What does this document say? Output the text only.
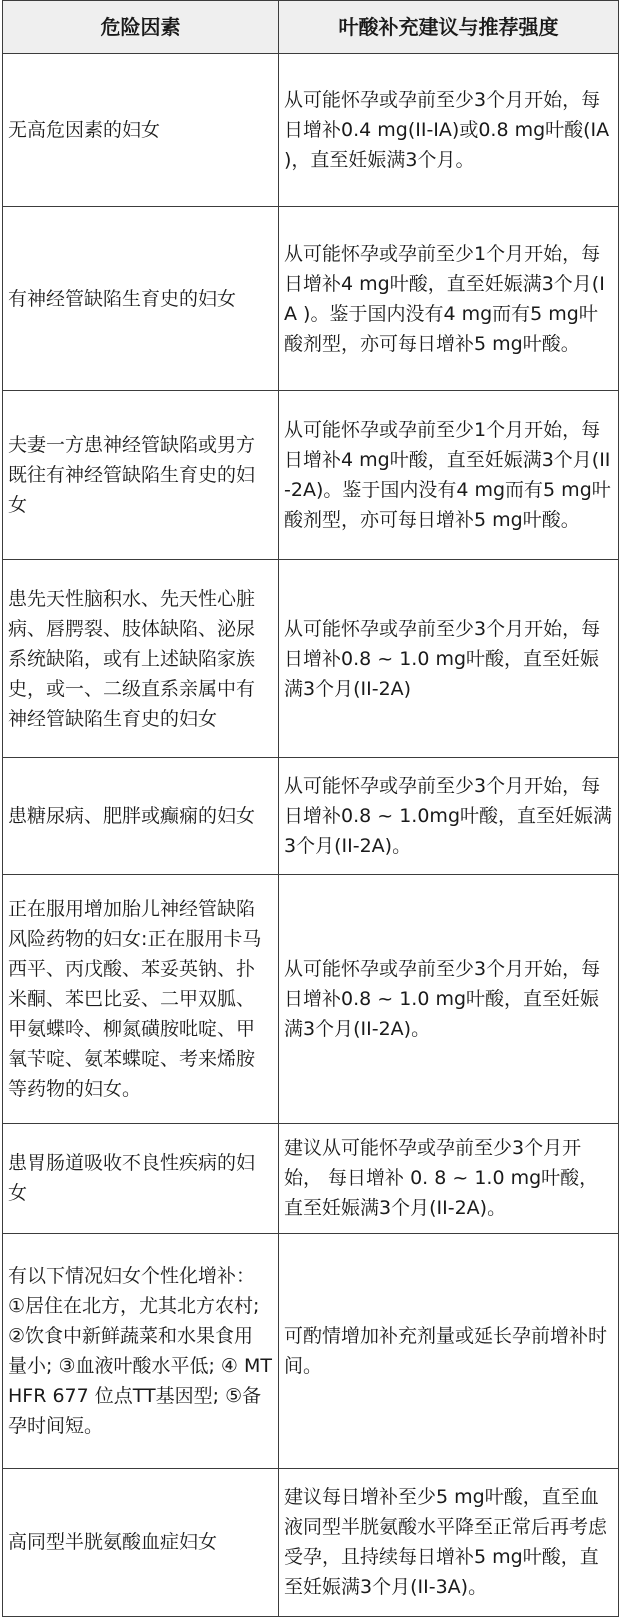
危险因素	叶酸补充建议与推荐强度

无高危因素的妇女	从可能怀孕或孕前至少3个月开始，每日增补0.4 mg(II-IA)或0.8 mg叶酸(IA )，直至妊娠满3个月。

有神经管缺陷生育史的妇女	从可能怀孕或孕前至少1个月开始，每日增补4 mg叶酸，直至妊娠满3个月(IA )。鉴于国内没有4 mg而有5 mg叶酸剂型，亦可每日增补5 mg叶酸。

夫妻一方患神经管缺陷或男方既往有神经管缺陷生育史的妇女	从可能怀孕或孕前至少1个月开始，每日增补4 mg叶酸，直至妊娠满3个月(II-2A)。鉴于国内没有4 mg而有5 mg叶酸剂型，亦可每日增补5 mg叶酸。

患先天性脑积水、先天性心脏病、唇腭裂、肢体缺陷、泌尿系统缺陷，或有上述缺陷家族史，或一、二级直系亲属中有神经管缺陷生育史的妇女	从可能怀孕或孕前至少3个月开始，每日增补0.8 ~ 1.0 mg叶酸，直至妊娠满3个月(II-2A)

患糖尿病、肥胖或癫痫的妇女	从可能怀孕或孕前至少3个月开始，每日增补0.8 ~ 1.0mg叶酸，直至妊娠满3个月(II-2A)。

正在服用增加胎儿神经管缺陷风险药物的妇女:正在服用卡马西平、丙戊酸、苯妥英钠、扑米酮、苯巴比妥、二甲双胍、甲氨蝶呤、柳氮磺胺吡啶、甲氧苄啶、氨苯蝶啶、考来烯胺等药物的妇女。	从可能怀孕或孕前至少3个月开始，每日增补0.8 ~ 1.0 mg叶酸，直至妊娠满3个月(II-2A)。

患胃肠道吸收不良性疾病的妇女	建议从可能怀孕或孕前至少3个月开始， 每日增补 0. 8 ~ 1.0 mg叶酸，直至妊娠满3个月(II-2A)。

有以下情况妇女个性化增补：①居住在北方，尤其北方农村; ②饮食中新鲜蔬菜和水果食用量小; ③血液叶酸水平低; ④ MTHFR 677 位点TT基因型; ⑤备孕时间短。	可酌情增加补充剂量或延长孕前增补时间。

高同型半胱氨酸血症妇女	建议每日增补至少5 mg叶酸，直至血液同型半胱氨酸水平降至正常后再考虑受孕，且持续每日增补5 mg叶酸，直至妊娠满3个月(II-3A)。
